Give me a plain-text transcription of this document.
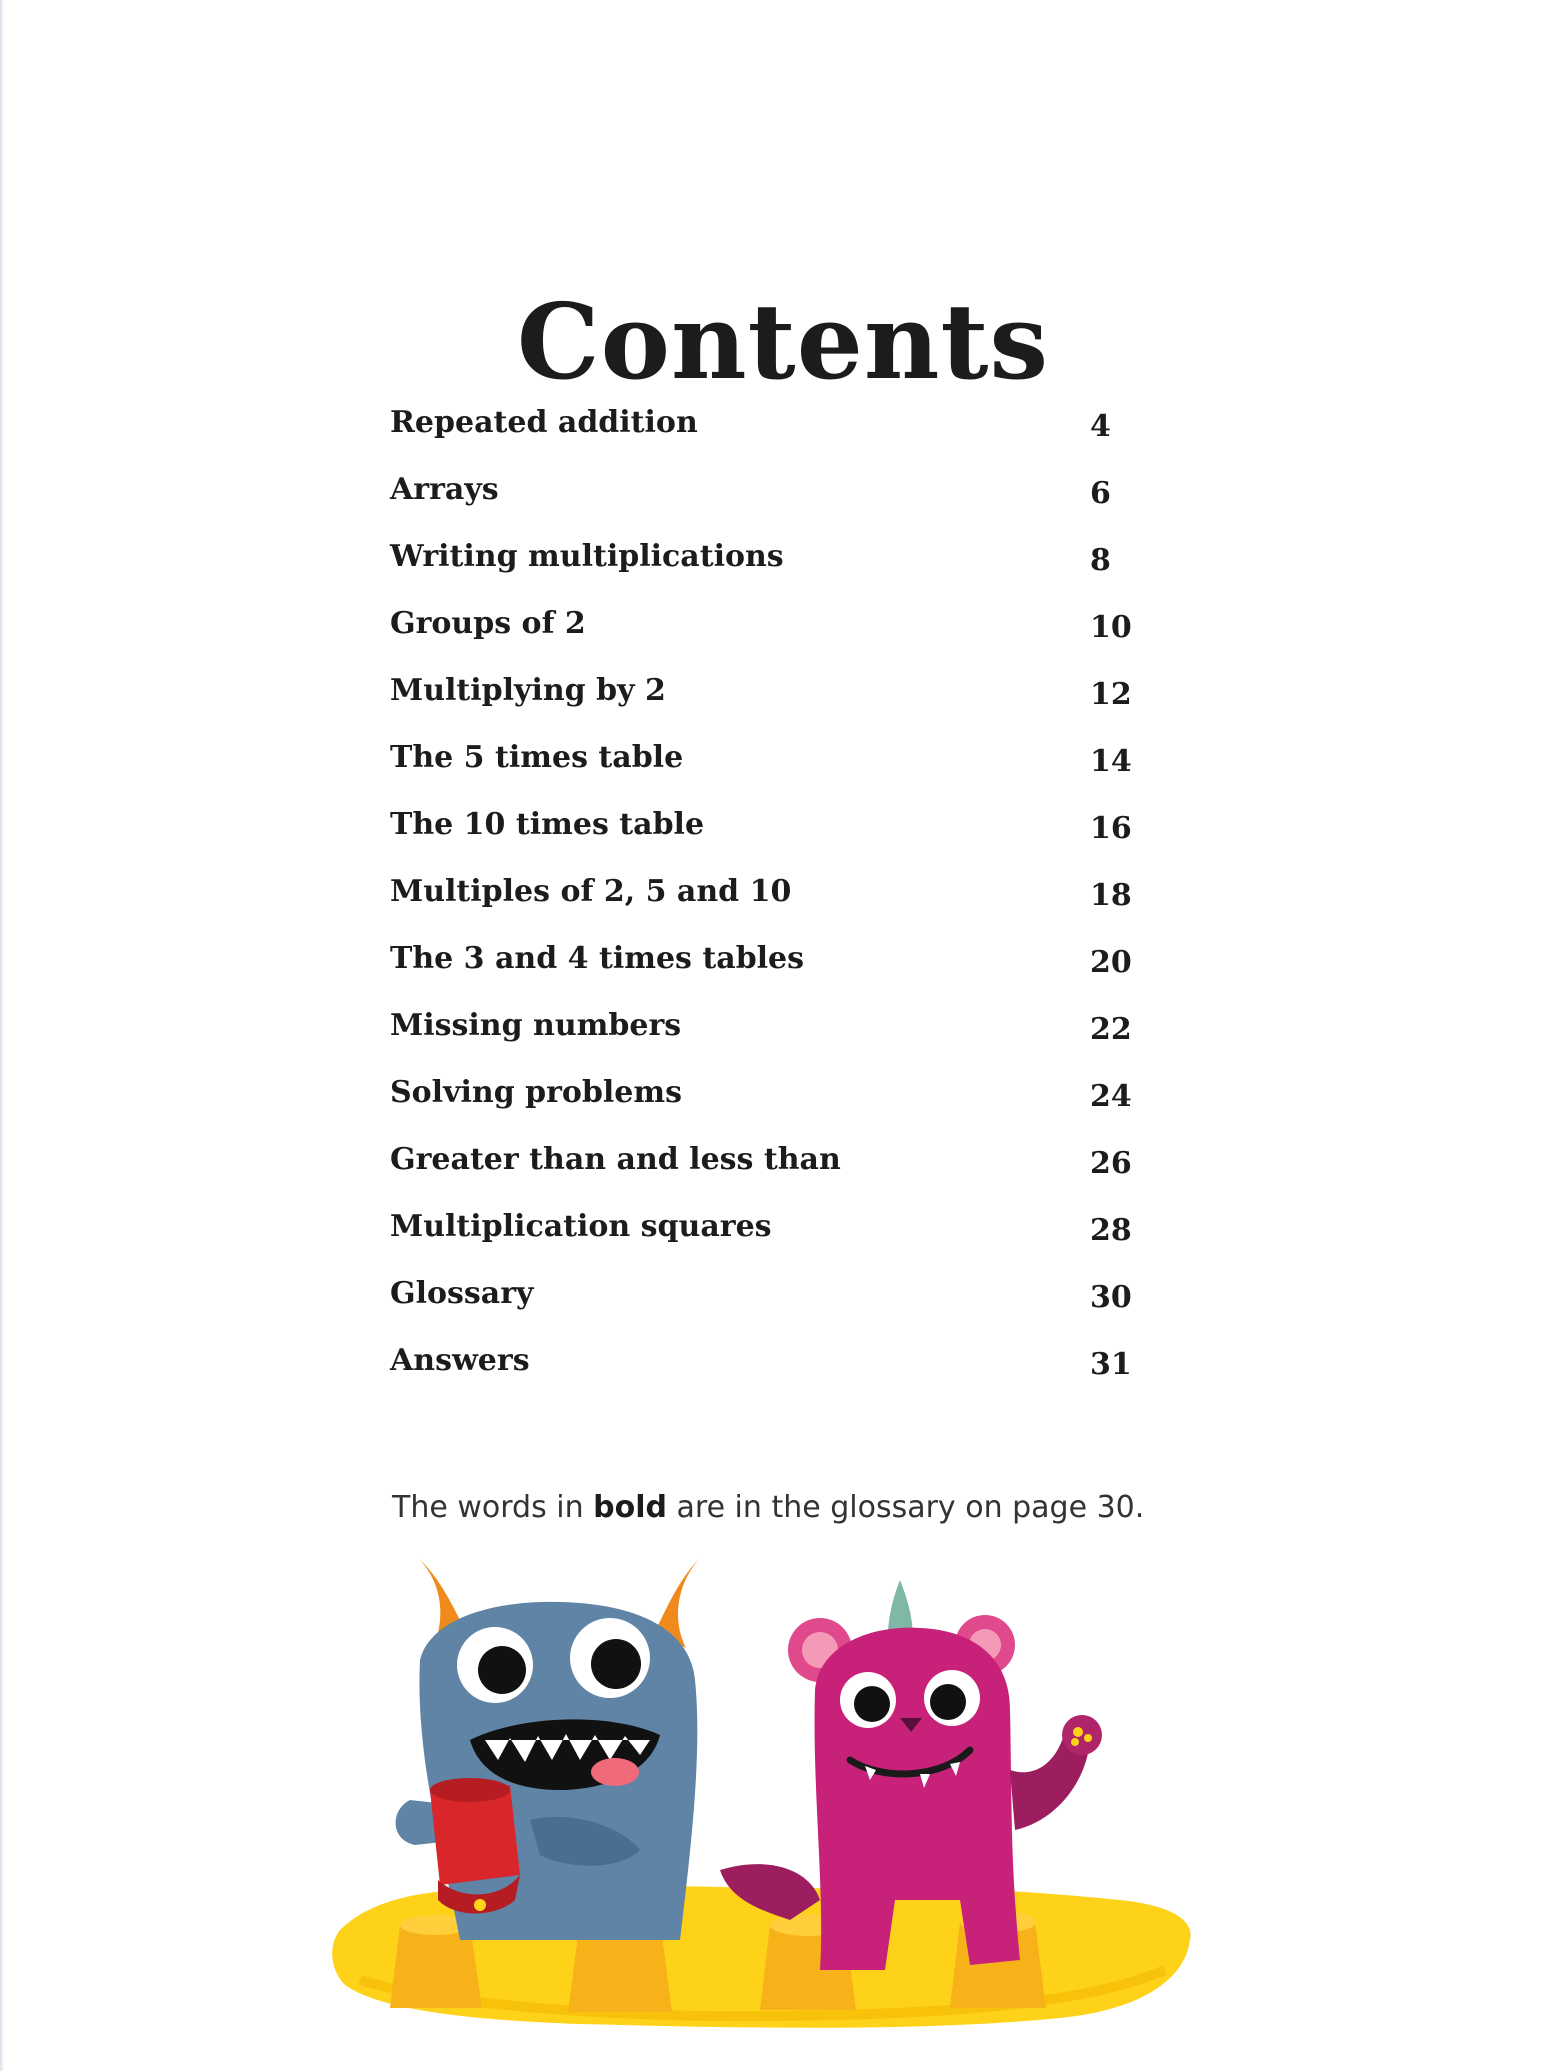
Contents
Repeated addition	4
Arrays	6
Writing multiplications	8
Groups of 2	10
Multiplying by 2	12
The 5 times table	14
The 10 times table	16
Multiples of 2, 5 and 10	18
The 3 and 4 times tables	20
Missing numbers	22
Solving problems	24
Greater than and less than	26
Multiplication squares	28
Glossary	30
Answers	31

The words in bold are in the glossary on page 30.
